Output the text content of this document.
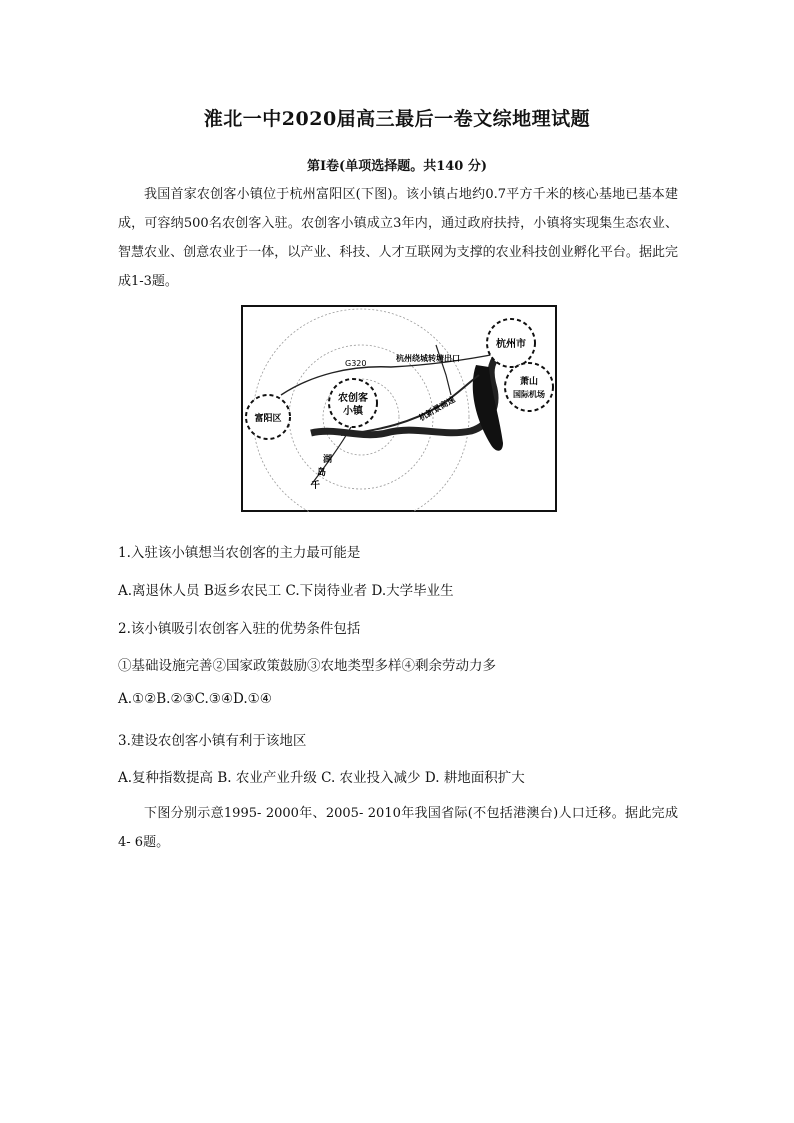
淮北一中2020届高三最后一卷文综地理试题
第Ⅰ卷(单项选择题。共140 分)
我国首家农创客小镇位于杭州富阳区(下图)。该小镇占地约0.7平方千米的核心基地已基本建成，可容纳500名农创客入驻。农创客小镇成立3年内，通过政府扶持，小镇将实现集生态农业、智慧农业、创意农业于一体，以产业、科技、人才互联网为支撑的农业科技创业孵化平台。据此完成1-3题。
杭州市
萧山
国际机场
富阳区
农创客
小镇
G320
杭州绕城转塘出口
杭新景高速
千
岛
湖
1.入驻该小镇想当农创客的主力最可能是
A.离退休人员 B返乡农民工 C.下岗待业者 D.大学毕业生
2.该小镇吸引农创客入驻的优势条件包括
①基础设施完善②国家政策鼓励③农地类型多样④剩余劳动力多
A.①②B.②③C.③④D.①④
3.建设农创客小镇有利于该地区
A.复种指数提高 B. 农业产业升级 C. 农业投入减少 D. 耕地面积扩大
下图分别示意1995- 2000年、2005- 2010年我国省际(不包括港澳台)人口迁移。据此完成4- 6题。
